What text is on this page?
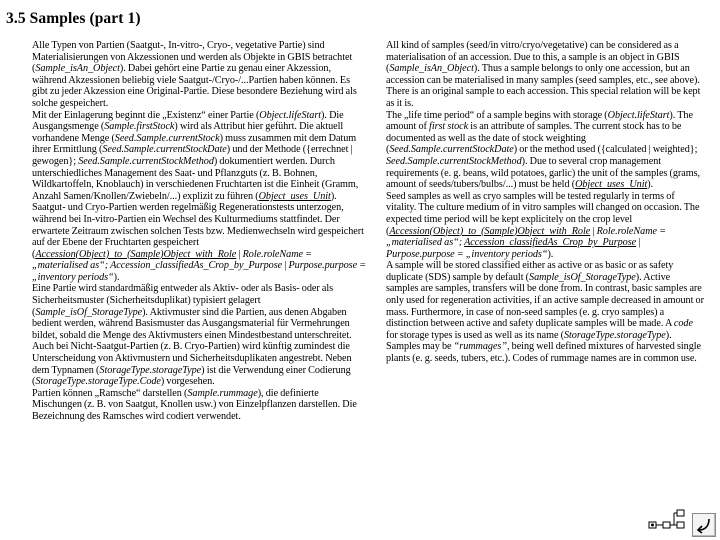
3.5 Samples (part 1)

Alle Typen von Partien (Saatgut-, In-vitro-, Cryo-, vegetative Partie) sind Materialisierungen von Akzessionen und werden als Objekte in GBIS betrachtet (Sample_isAn_Object). Dabei gehört eine Partie zu genau einer Akzession, während Akzessionen beliebig viele Saatgut-/Cryo-/...Partien haben können. Es gibt zu jeder Akzession eine Original-Partie. Diese besondere Beziehung wird als solche gespeichert.

Mit der Einlagerung beginnt die „Existenz“ einer Partie (Object.lifeStart). Die Ausgangsmenge (Sample.firstStock) wird als Attribut hier geführt. Die aktuell vorhandene Menge (Seed.Sample.currentStock) muss zusammen mit dem Datum ihrer Ermittlung (Seed.Sample.currentStockDate) und der Methode ({errechnet | gewogen}; Seed.Sample.currentStockMethod) dokumentiert werden. Durch unterschiedliches Management des Saat- und Pflanzguts (z. B. Bohnen, Wildkartoffeln, Knoblauch) in verschiedenen Fruchtarten ist die Einheit (Gramm, Anzahl Samen/Knollen/Zwiebeln/...) explizit zu führen (Object_uses_Unit).

Saatgut- und Cryo-Partien werden regelmäßig Regenerationstests unterzogen, während bei In-vitro-Partien ein Wechsel des Kulturmediums stattfindet. Der erwartete Zeitraum zwischen solchen Tests bzw. Medienwechseln wird gespeichert auf der Ebene der Fruchtarten gespeichert (Accession(Object)_to_(Sample)Object_with_Role | Role.roleName = „materialised as“; Accession_classifiedAs_Crop_by_Purpose | Purpose.purpose = „inventory periods“).

Eine Partie wird standardmäßig entweder als Aktiv- oder als Basis- oder als Sicherheitsmuster (Sicherheitsduplikat) typisiert gelagert (Sample_isOf_StorageType). Aktivmuster sind die Partien, aus denen Abgaben bedient werden, während Basismuster das Ausgangsmaterial für Vermehrungen bildet, sobald die Menge des Aktivmusters einen Mindestbestand unterschreitet. Auch bei Nicht-Saatgut-Partien (z. B. Cryo-Partien) wird künftig zumindest die Unterscheidung von Aktivmustern und Sicherheitsduplikaten angestrebt. Neben dem Typnamen (StorageType.storageType) ist die Verwendung einer Codierung (StorageType.storageType.Code) vorgesehen.

Partien können „Ramsche“ darstellen (Sample.rummage), die definierte Mischungen (z. B. von Saatgut, Knollen usw.) von Einzelpflanzen darstellen. Die Bezeichnung des Ramsches wird codiert verwendet.

All kind of samples (seed/in vitro/cryo/vegetative) can be considered as a materialisation of an accession. Due to this, a sample is an object in GBIS (Sample_isAn_Object). Thus a sample belongs to only one accession, but an accession can be materialised in many samples (seed samples, etc., see above). There is an original sample to each accession. This special relation will be kept as it is.

The „life time period“ of a sample begins with storage (Object.lifeStart). The amount of first stock is an attribute of samples. The current stock has to be documented as well as the date of stock weighting (Seed.Sample.currentStockDate) or the method used ({calculated | weighted}; Seed.Sample.currentStockMethod). Due to several crop management requirements (e. g. beans, wild potatoes, garlic) the unit of the samples (grams, amount of seeds/tubers/bulbs/...) must be held (Object_uses_Unit).

Seed samples as well as cryo samples will be tested regularly in terms of vitality. The culture medium of in vitro samples will changed on occasion. The expected time period will be kept explicitely on the crop level (Accession(Object)_to_(Sample)Object_with_Role | Role.roleName = „materialised as“; Accession_classifiedAs_Crop_by_Purpose | Purpose.purpose = „inventory periods“).

A sample will be stored classified either as active or as basic or as safety duplicate (SDS) sample by default (Sample_isOf_StorageType). Active samples are samples, transfers will be done from. In contrast, basic samples are only used for regeneration activities, if an active sample decreased in amount or mass. Furthermore, in case of non-seed samples (e. g. cryo samples) a distinction between active and safety duplicate samples will be made. A code for storage types is used as well as its name (StorageType.storageType).

Samples may be “rummages”, being well defined mixtures of harvested single plants (e. g. seeds, tubers, etc.). Codes of rummage names are in common use.
